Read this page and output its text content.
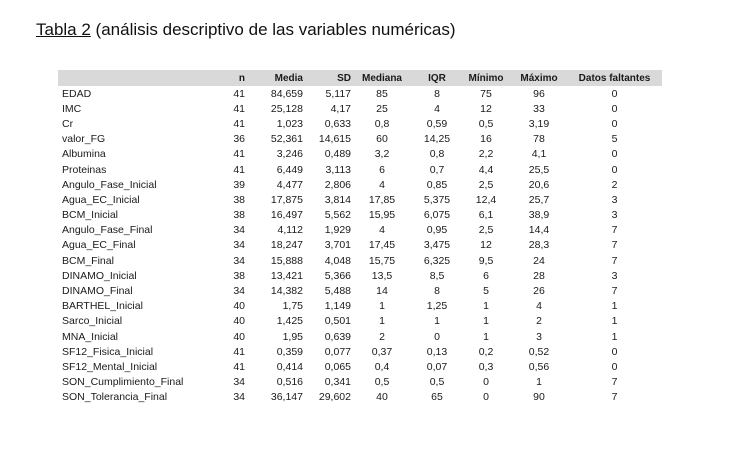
Tabla 2 (análisis descriptivo de las variables numéricas)
	n	Media	SD	Mediana	IQR	Mínimo	Máximo	Datos faltantes
EDAD	41	84,659	5,117	85	8	75	96	0
IMC	41	25,128	4,17	25	4	12	33	0
Cr	41	1,023	0,633	0,8	0,59	0,5	3,19	0
valor_FG	36	52,361	14,615	60	14,25	16	78	5
Albumina	41	3,246	0,489	3,2	0,8	2,2	4,1	0
Proteinas	41	6,449	3,113	6	0,7	4,4	25,5	0
Angulo_Fase_Inicial	39	4,477	2,806	4	0,85	2,5	20,6	2
Agua_EC_Inicial	38	17,875	3,814	17,85	5,375	12,4	25,7	3
BCM_Inicial	38	16,497	5,562	15,95	6,075	6,1	38,9	3
Angulo_Fase_Final	34	4,112	1,929	4	0,95	2,5	14,4	7
Agua_EC_Final	34	18,247	3,701	17,45	3,475	12	28,3	7
BCM_Final	34	15,888	4,048	15,75	6,325	9,5	24	7
DINAMO_Inicial	38	13,421	5,366	13,5	8,5	6	28	3
DINAMO_Final	34	14,382	5,488	14	8	5	26	7
BARTHEL_Inicial	40	1,75	1,149	1	1,25	1	4	1
Sarco_Inicial	40	1,425	0,501	1	1	1	2	1
MNA_Inicial	40	1,95	0,639	2	0	1	3	1
SF12_Fisica_Inicial	41	0,359	0,077	0,37	0,13	0,2	0,52	0
SF12_Mental_Inicial	41	0,414	0,065	0,4	0,07	0,3	0,56	0
SON_Cumplimiento_Final	34	0,516	0,341	0,5	0,5	0	1	7
SON_Tolerancia_Final	34	36,147	29,602	40	65	0	90	7
